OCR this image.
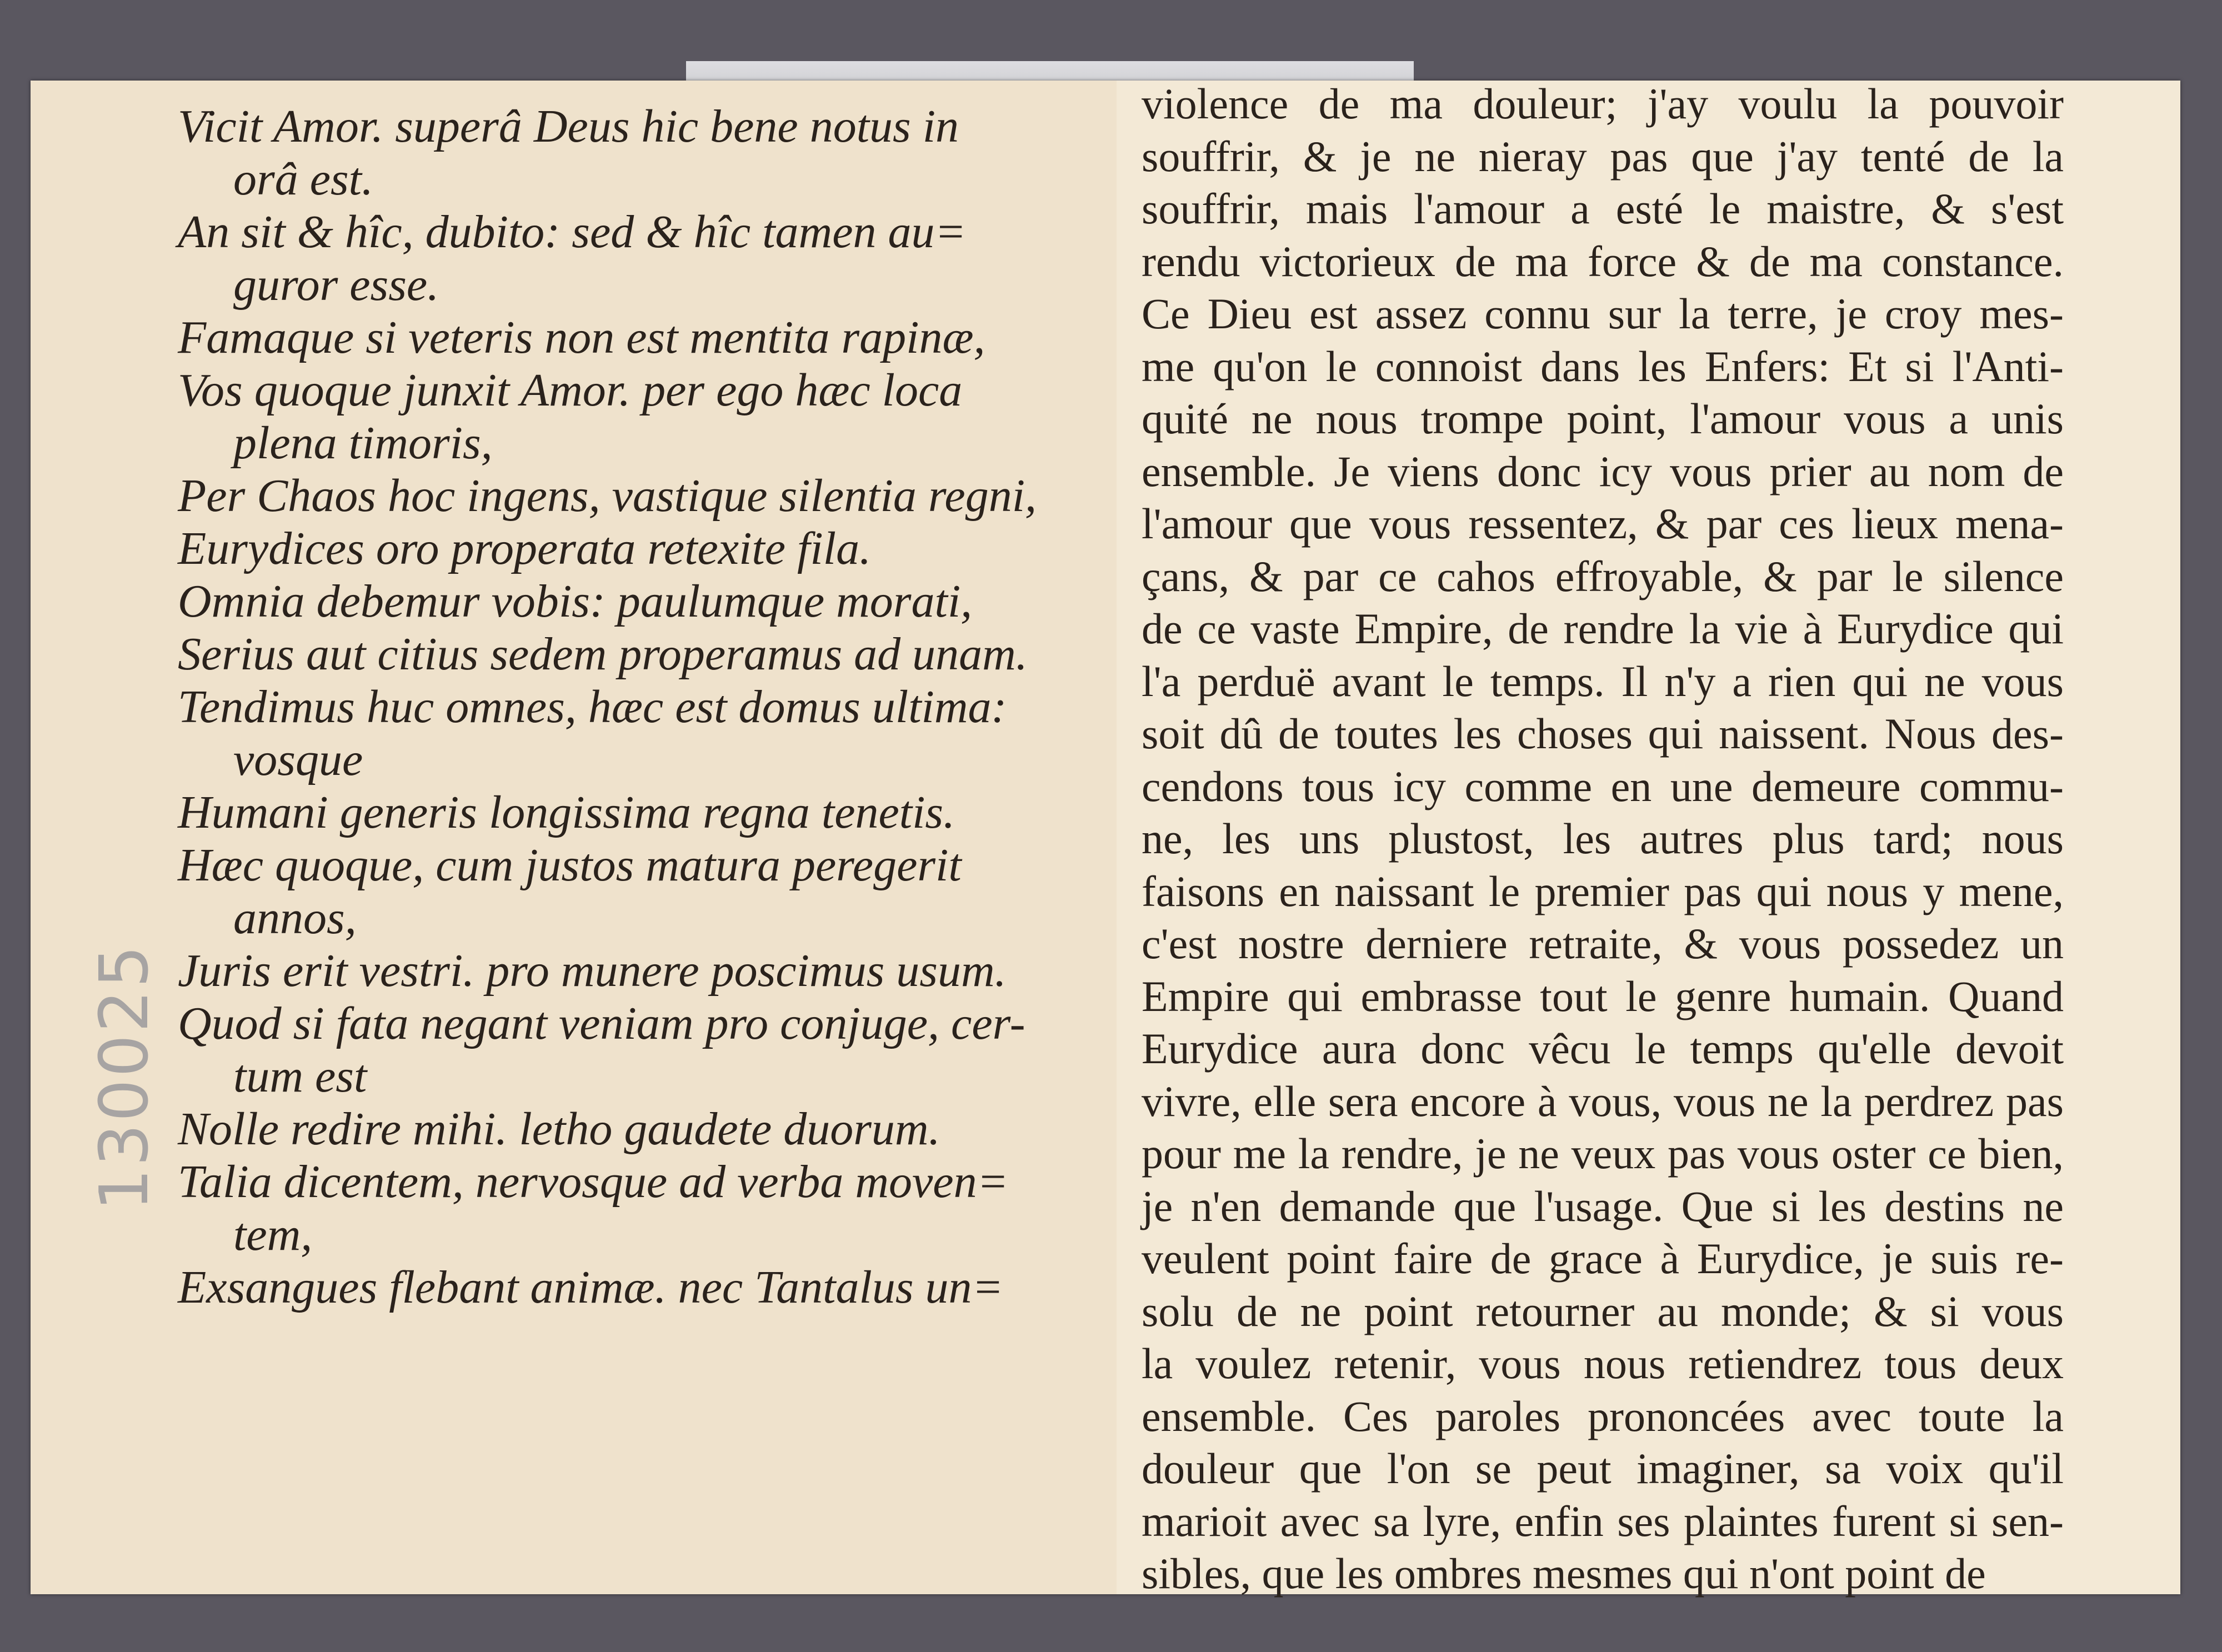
Vicit Amor. superâ Deus hic bene notus in
orâ est.
An sit & hîc, dubito: sed & hîc tamen au=
guror esse.
Famaque si veteris non est mentita rapinæ,
Vos quoque junxit Amor. per ego hæc loca
plena timoris,
Per Chaos hoc ingens, vastique silentia regni,
Eurydices oro properata retexite fila.
Omnia debemur vobis: paulumque morati,
Serius aut citius sedem properamus ad unam.
Tendimus huc omnes, hæc est domus ultima:
vosque
Humani generis longissima regna tenetis.
Hæc quoque, cum justos matura peregerit
annos,
Juris erit vestri. pro munere poscimus usum.
Quod si fata negant veniam pro conjuge, cer-
tum est
Nolle redire mihi. letho gaudete duorum.
Talia dicentem, nervosque ad verba moven=
tem,
Exsangues flebant animæ. nec Tantalus un=
violence de ma douleur; j'ay voulu la pouvoir
souffrir, & je ne nieray pas que j'ay tenté de la
souffrir, mais l'amour a esté le maistre, & s'est
rendu victorieux de ma force & de ma constance.
Ce Dieu est assez connu sur la terre, je croy mes-
me qu'on le connoist dans les Enfers: Et si l'Anti-
quité ne nous trompe point, l'amour vous a unis
ensemble. Je viens donc icy vous prier au nom de
l'amour que vous ressentez, & par ces lieux mena-
çans, & par ce cahos effroyable, & par le silence
de ce vaste Empire, de rendre la vie à Eurydice qui
l'a perduë avant le temps. Il n'y a rien qui ne vous
soit dû de toutes les choses qui naissent. Nous des-
cendons tous icy comme en une demeure commu-
ne, les uns plustost, les autres plus tard; nous
faisons en naissant le premier pas qui nous y mene,
c'est nostre derniere retraite, & vous possedez un
Empire qui embrasse tout le genre humain. Quand
Eurydice aura donc vêcu le temps qu'elle devoit
vivre, elle sera encore à vous, vous ne la perdrez pas
pour me la rendre, je ne veux pas vous oster ce bien,
je n'en demande que l'usage. Que si les destins ne
veulent point faire de grace à Eurydice, je suis re-
solu de ne point retourner au monde; & si vous
la voulez retenir, vous nous retiendrez tous deux
ensemble. Ces paroles prononcées avec toute la
douleur que l'on se peut imaginer, sa voix qu'il
marioit avec sa lyre, enfin ses plaintes furent si sen-
sibles, que les ombres mesmes qui n'ont point de
130025
